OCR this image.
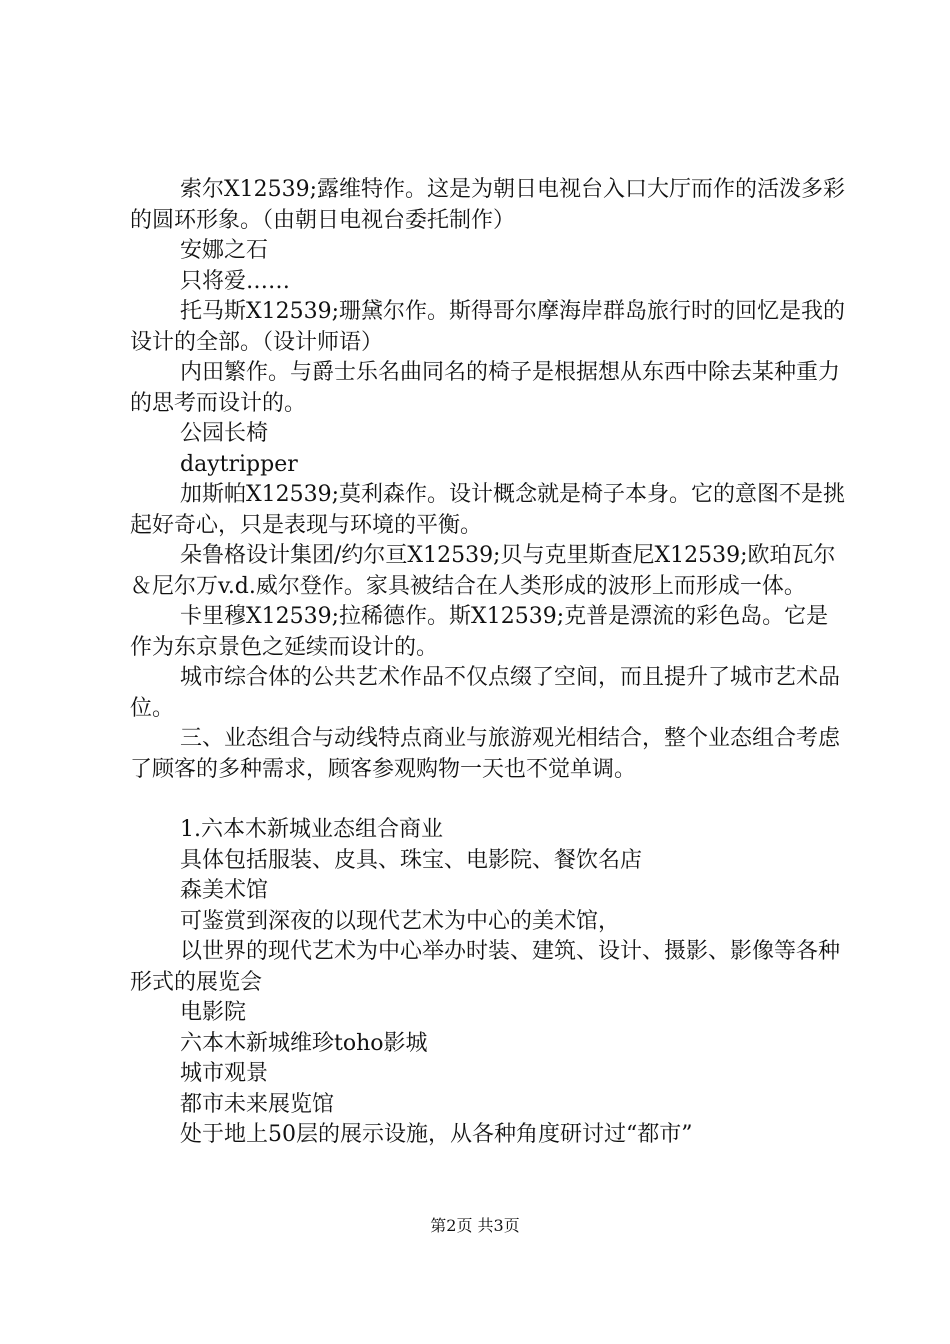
索尔X12539;露维特作。这是为朝日电视台入口大厅而作的活泼多彩的圆环形象。（由朝日电视台委托制作）

安娜之石

只将爱……

托马斯X12539;珊黛尔作。斯得哥尔摩海岸群岛旅行时的回忆是我的设计的全部。（设计师语）

内田繁作。与爵士乐名曲同名的椅子是根据想从东西中除去某种重力的思考而设计的。

公园长椅

daytripper

加斯帕X12539;莫利森作。设计概念就是椅子本身。它的意图不是挑起好奇心，只是表现与环境的平衡。

朵鲁格设计集团/约尔亘X12539;贝与克里斯查尼X12539;欧珀瓦尔＆尼尔万v.d.威尔登作。家具被结合在人类形成的波形上而形成一体。

卡里穆X12539;拉稀德作。斯X12539;克普是漂流的彩色岛。它是作为东京景色之延续而设计的。

城市综合体的公共艺术作品不仅点缀了空间，而且提升了城市艺术品位。

三、业态组合与动线特点商业与旅游观光相结合，整个业态组合考虑了顾客的多种需求，顾客参观购物一天也不觉单调。

1.六本木新城业态组合商业

具体包括服装、皮具、珠宝、电影院、餐饮名店

森美术馆

可鉴赏到深夜的以现代艺术为中心的美术馆，

以世界的现代艺术为中心举办时装、建筑、设计、摄影、影像等各种形式的展览会

电影院

六本木新城维珍toho影城

城市观景

都市未来展览馆

处于地上50层的展示设施，从各种角度研讨过“都市”

第2页 共3页
